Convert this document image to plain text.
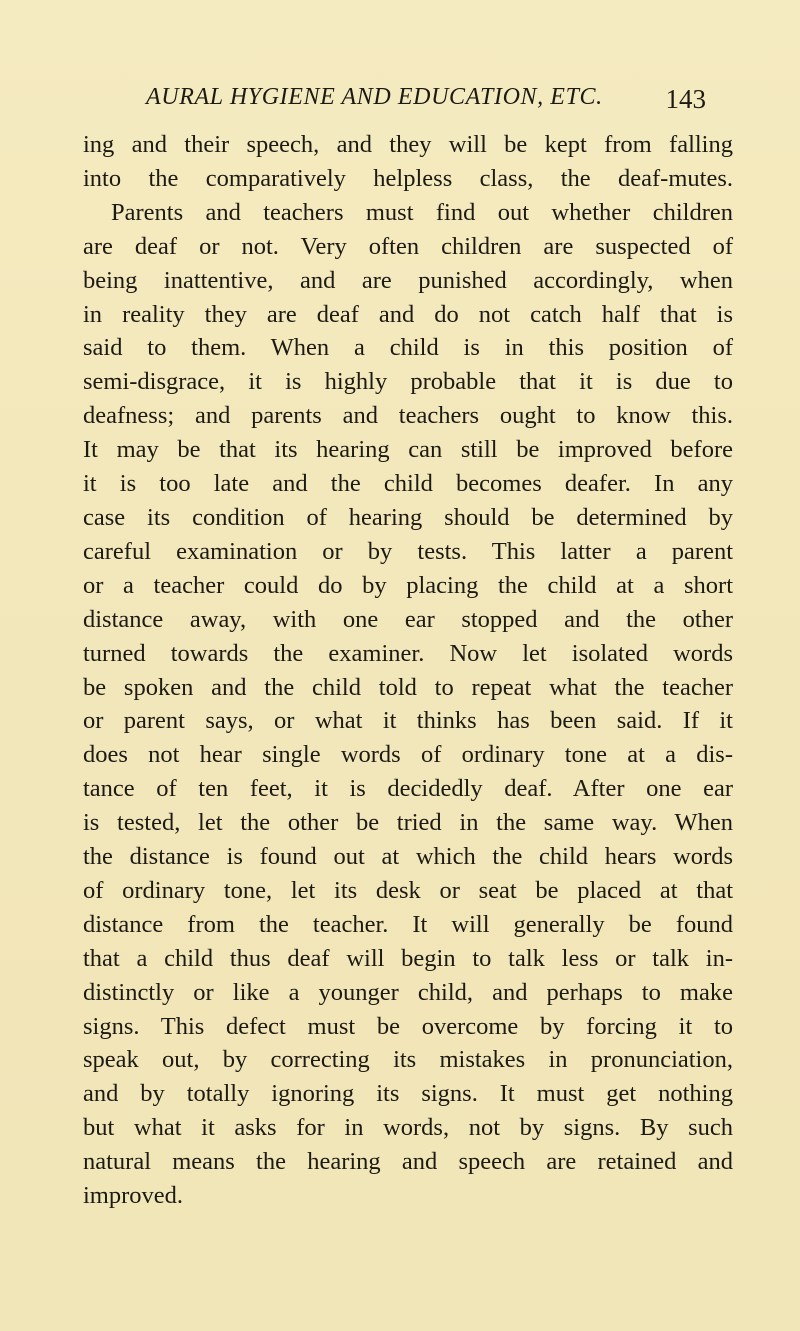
AURAL HYGIENE AND EDUCATION, ETC. 143
ing and their speech, and they will be kept from falling
into the comparatively helpless class, the deaf-mutes.
Parents and teachers must find out whether children
are deaf or not. Very often children are suspected of
being inattentive, and are punished accordingly, when
in reality they are deaf and do not catch half that is
said to them. When a child is in this position of
semi-disgrace, it is highly probable that it is due to
deafness; and parents and teachers ought to know this.
It may be that its hearing can still be improved before
it is too late and the child becomes deafer. In any
case its condition of hearing should be determined by
careful examination or by tests. This latter a parent
or a teacher could do by placing the child at a short
distance away, with one ear stopped and the other
turned towards the examiner. Now let isolated words
be spoken and the child told to repeat what the teacher
or parent says, or what it thinks has been said. If it
does not hear single words of ordinary tone at a dis-
tance of ten feet, it is decidedly deaf. After one ear
is tested, let the other be tried in the same way. When
the distance is found out at which the child hears words
of ordinary tone, let its desk or seat be placed at that
distance from the teacher. It will generally be found
that a child thus deaf will begin to talk less or talk in-
distinctly or like a younger child, and perhaps to make
signs. This defect must be overcome by forcing it to
speak out, by correcting its mistakes in pronunciation,
and by totally ignoring its signs. It must get nothing
but what it asks for in words, not by signs. By such
natural means the hearing and speech are retained and
improved.
